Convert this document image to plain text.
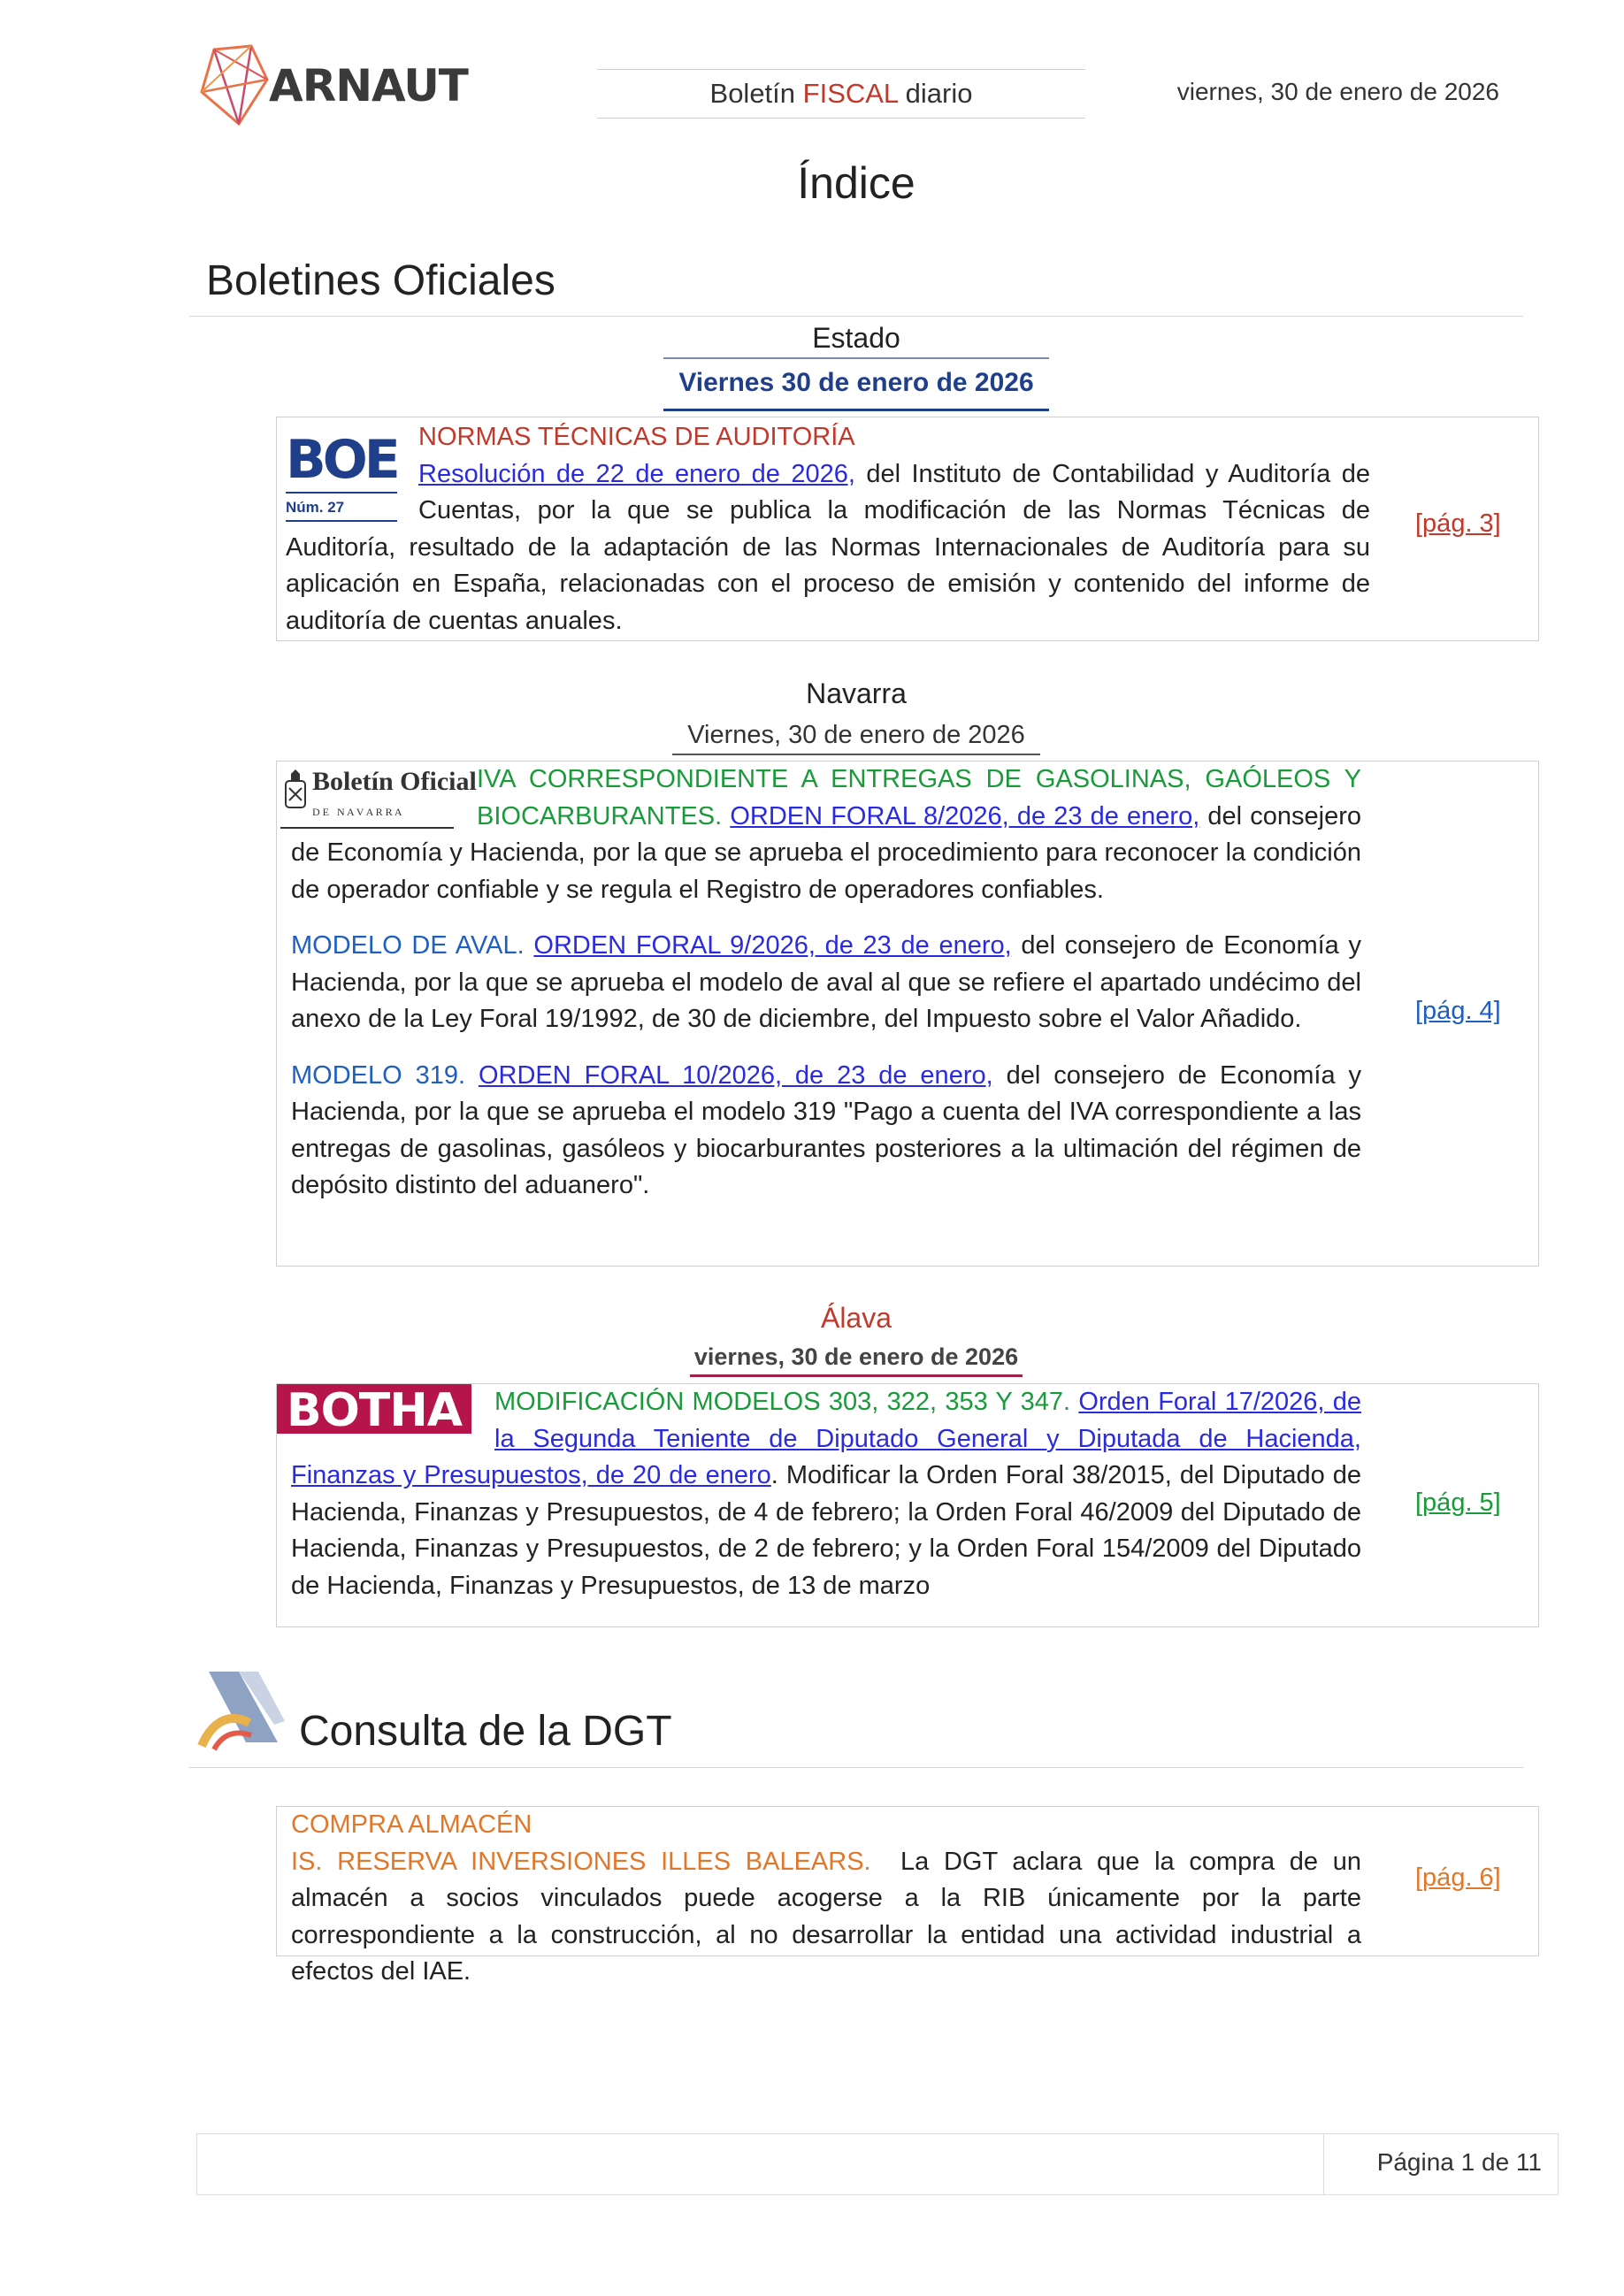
ARNAUT	Boletín FISCAL diario	viernes, 30 de enero de 2026
Índice
Boletines Oficiales
Estado
Viernes 30 de enero de 2026
BOE
Núm. 27

NORMAS TÉCNICAS DE AUDITORÍA
Resolución de 22 de enero de 2026, del Instituto de Contabilidad y Auditoría de Cuentas, por la que se publica la modificación de las Normas Técnicas de Auditoría, resultado de la adaptación de las Normas Internacionales de Auditoría para su aplicación en España, relacionadas con el proceso de emisión y contenido del informe de auditoría de cuentas anuales.

[pág. 3]
Navarra
Viernes, 30 de enero de 2026
Boletín Oficial
D E   N A V A R R A

IVA CORRESPONDIENTE A ENTREGAS DE GASOLINAS, GAÓLEOS Y BIOCARBURANTES. ORDEN FORAL 8/2026, de 23 de enero, del consejero de Economía y Hacienda, por la que se aprueba el procedimiento para reconocer la condición de operador confiable y se regula el Registro de operadores confiables.

MODELO DE AVAL. ORDEN FORAL 9/2026, de 23 de enero, del consejero de Economía y Hacienda, por la que se aprueba el modelo de aval al que se refiere el apartado undécimo del anexo de la Ley Foral 19/1992, de 30 de diciembre, del Impuesto sobre el Valor Añadido.

MODELO 319. ORDEN FORAL 10/2026, de 23 de enero, del consejero de Economía y Hacienda, por la que se aprueba el modelo 319 "Pago a cuenta del IVA correspondiente a las entregas de gasolinas, gasóleos y biocarburantes posteriores a la ultimación del régimen de depósito distinto del aduanero".

[pág. 4]
Álava
viernes, 30 de enero de 2026
BOTHA	MODIFICACIÓN MODELOS 303, 322, 353 Y 347. Orden Foral 17/2026, de la Segunda Teniente de Diputado General y Diputada de Hacienda, Finanzas y Presupuestos, de 20 de enero. Modificar la Orden Foral 38/2015, del Diputado de Hacienda, Finanzas y Presupuestos, de 4 de febrero; la Orden Foral 46/2009 del Diputado de Hacienda, Finanzas y Presupuestos, de 2 de febrero; y la Orden Foral 154/2009 del Diputado de Hacienda, Finanzas y Presupuestos, de 13 de marzo

[pág. 5]
Consulta de la DGT

COMPRA ALMACÉN
IS. RESERVA INVERSIONES ILLES BALEARS.  La DGT aclara que la compra de un almacén a socios vinculados puede acogerse a la RIB únicamente por la parte correspondiente a la construcción, al no desarrollar la entidad una actividad industrial a efectos del IAE.

[pág. 6]
Página 1 de 11
